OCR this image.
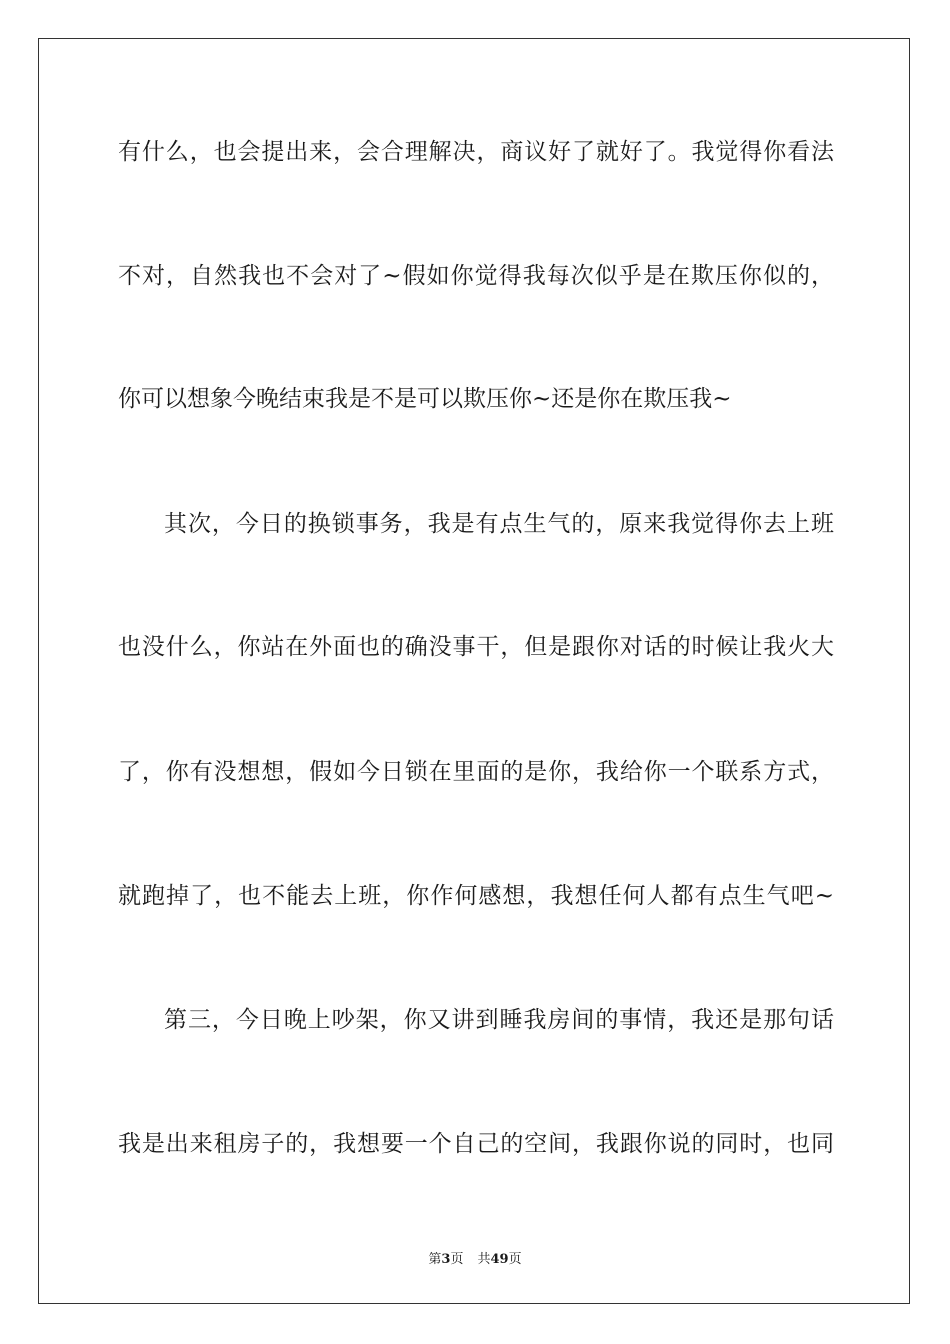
有什么，也会提出来，会合理解决，商议好了就好了。我觉得你看法
不对，自然我也不会对了~假如你觉得我每次似乎是在欺压你似的，
你可以想象今晚结束我是不是可以欺压你~还是你在欺压我~
其次，今日的换锁事务，我是有点生气的，原来我觉得你去上班
也没什么，你站在外面也的确没事干，但是跟你对话的时候让我火大
了，你有没想想，假如今日锁在里面的是你，我给你一个联系方式，
就跑掉了，也不能去上班，你作何感想，我想任何人都有点生气吧~
第三，今日晚上吵架，你又讲到睡我房间的事情，我还是那句话
我是出来租房子的，我想要一个自己的空间，我跟你说的同时，也同
第3页 共49页
